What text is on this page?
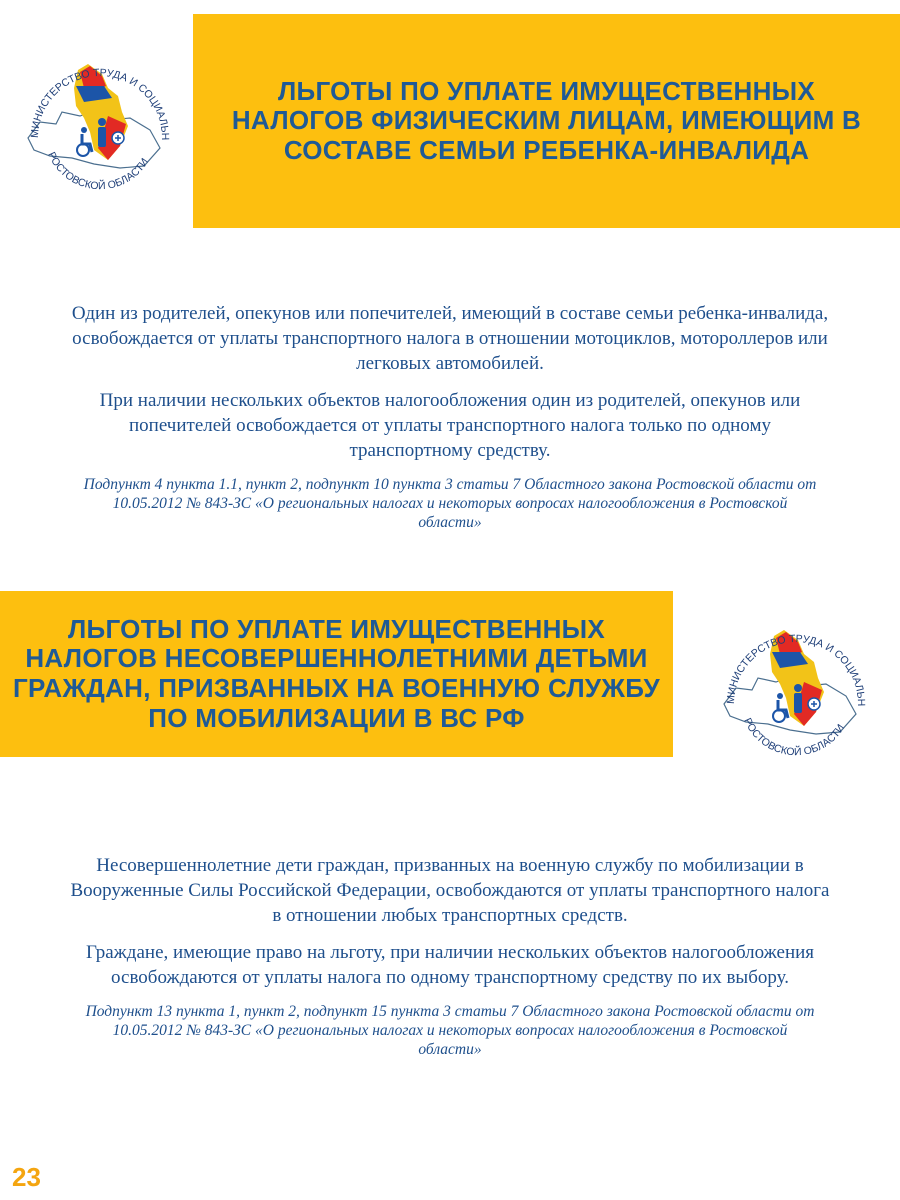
МИНИСТЕРСТВО ТРУДА И СОЦИАЛЬН
РОСТОВСКОЙ ОБЛАСТИ
ЛЬГОТЫ ПО УПЛАТЕ ИМУЩЕСТВЕННЫХ НАЛОГОВ ФИЗИЧЕСКИМ ЛИЦАМ, ИМЕЮЩИМ В СОСТАВЕ СЕМЬИ РЕБЕНКА-ИНВАЛИДА

Один из родителей, опекунов или попечителей, имеющий в составе семьи ребенка-инвалида, освобождается от уплаты транспортного налога в отношении мотоциклов, мотороллеров или легковых автомобилей.

При наличии нескольких объектов налогообложения один из родителей, опекунов или попечителей освобождается от уплаты транспортного налога только по одному транспортному средству.

Подпункт 4 пункта 1.1, пункт 2, подпункт 10 пункта 3 статьи 7 Областного закона Ростовской области от 10.05.2012 № 843-ЗС «О региональных налогах и некоторых вопросах налогообложения в Ростовской области»

ЛЬГОТЫ ПО УПЛАТЕ ИМУЩЕСТВЕННЫХ НАЛОГОВ НЕСОВЕРШЕННОЛЕТНИМИ ДЕТЬМИ ГРАЖДАН, ПРИЗВАННЫХ НА ВОЕННУЮ СЛУЖБУ ПО МОБИЛИЗАЦИИ В ВС РФ
МИНИСТЕРСТВО ТРУДА И СОЦИАЛЬН
РОСТОВСКОЙ ОБЛАСТИ

Несовершеннолетние дети граждан, призванных на военную службу по мобилизации в Вооруженные Силы Российской Федерации, освобождаются от уплаты транспортного налога в отношении любых транспортных средств.

Граждане, имеющие право на льготу, при наличии нескольких объектов налогообложения освобождаются от уплаты налога по одному транспортному средству по их выбору.

Подпункт 13 пункта 1, пункт 2, подпункт 15 пункта 3 статьи 7 Областного закона Ростовской области от 10.05.2012 № 843-ЗС «О региональных налогах и некоторых вопросах налогообложения в Ростовской области»

23
